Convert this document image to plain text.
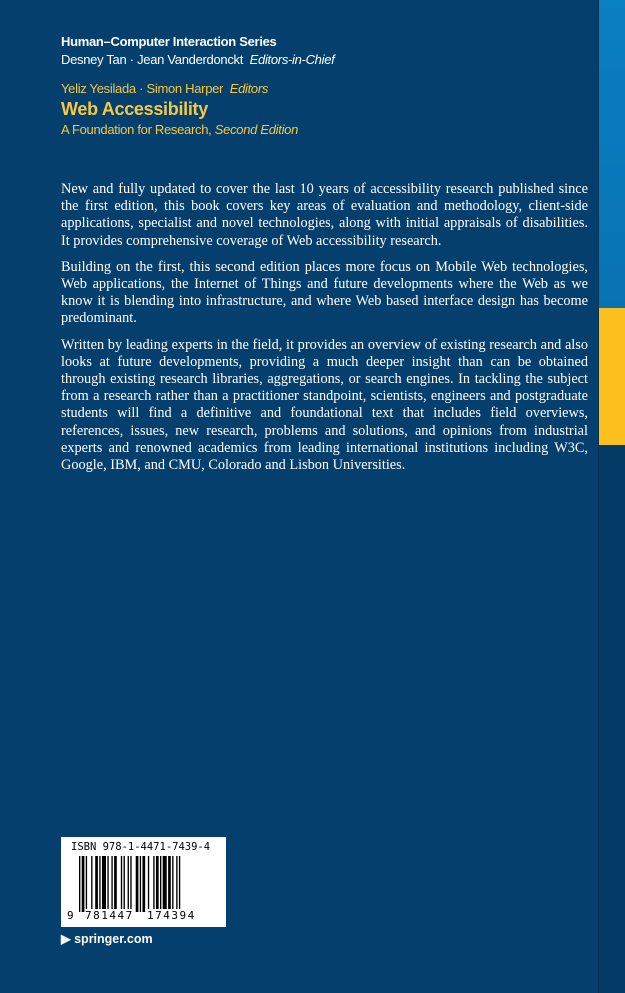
Human–Computer Interaction Series
Desney Tan · Jean Vanderdonckt Editors-in-Chief
Yeliz Yesilada · Simon Harper Editors
Web Accessibility
A Foundation for Research, Second Edition

New and fully updated to cover the last 10 years of accessibility research published since the first edition, this book covers key areas of evaluation and methodology, client-side applications, specialist and novel technologies, along with initial appraisals of disabilities. It provides comprehensive coverage of Web accessibility research.

Building on the first, this second edition places more focus on Mobile Web technologies, Web applications, the Internet of Things and future developments where the Web as we know it is blending into infrastructure, and where Web based interface design has become predominant.

Written by leading experts in the field, it provides an overview of existing research and also looks at future developments, providing a much deeper insight than can be obtained through existing research libraries, aggregations, or search engines. In tackling the subject from a research rather than a practitioner standpoint, scientists, engineers and postgraduate students will find a definitive and foundational text that includes field overviews, references, issues, new research, problems and solutions, and opinions from industrial experts and renowned academics from leading international institutions including W3C, Google, IBM, and CMU, Colorado and Lisbon Universities.

ISBN 978-1-4471-7439-4
9 781447 174394
▶ springer.com
